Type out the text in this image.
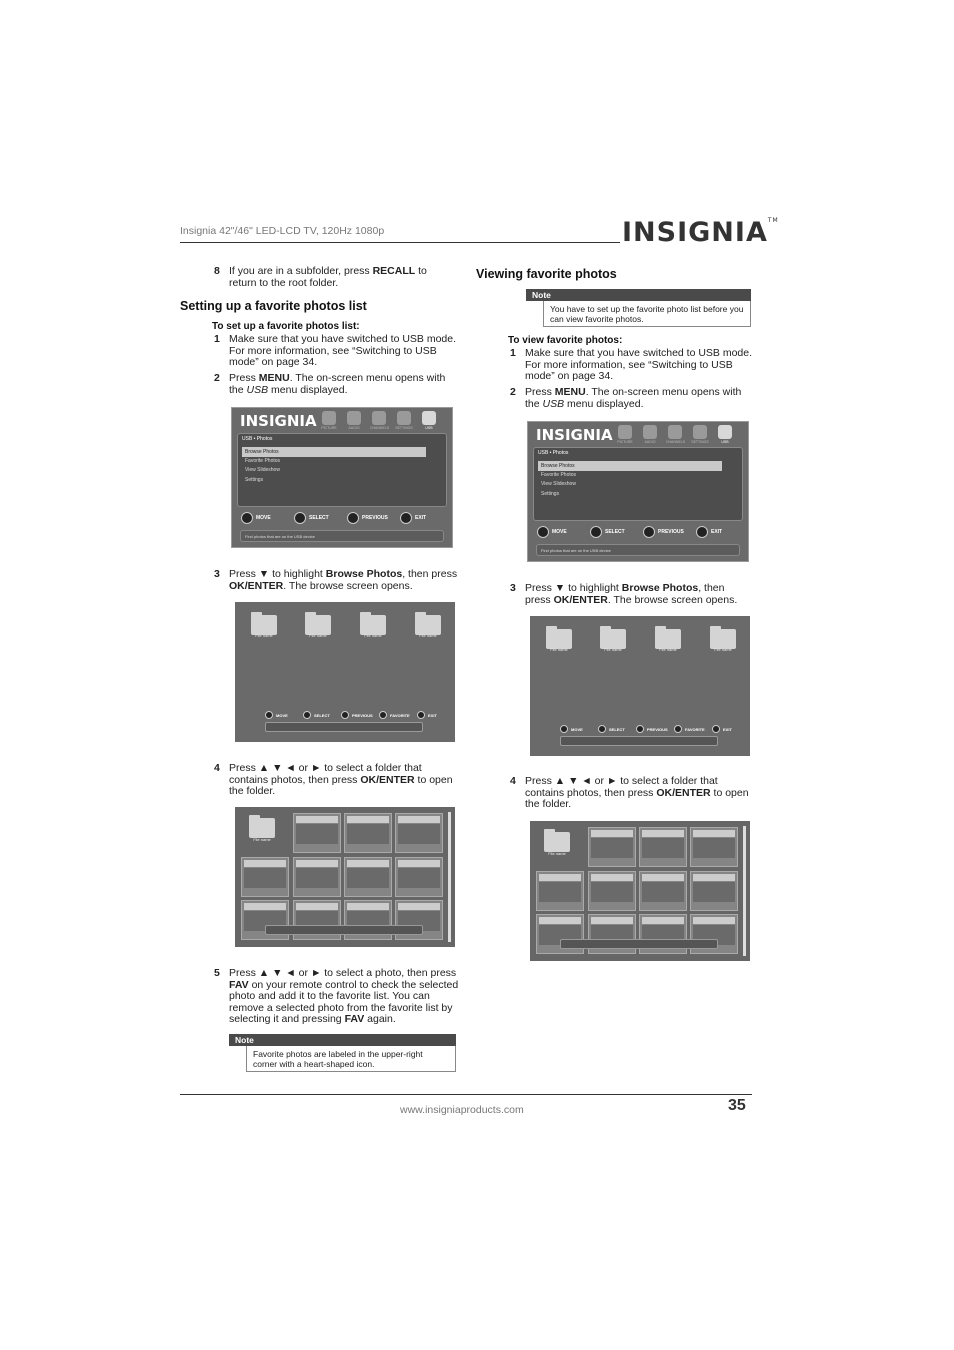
Insignia 42"/46" LED-LCD TV, 120Hz 1080p	INSIGNIA™
8 If you are in a subfolder, press RECALL to return to the root folder.
Setting up a favorite photos list
To set up a favorite photos list:
1 Make sure that you have switched to USB mode. For more information, see “Switching to USB mode” on page 34.
2 Press MENU. The on-screen menu opens with the USB menu displayed.
INSIGNIA	PICTURE	AUDIO	CHANNELS SETTINGS	USB
USB • Photos
Browse Photos
Favorite Photos
View Slideshow
Settings
MOVE	SELECT	PREVIOUS	EXIT
Find photos that are on the USB device
3 Press ▼ to highlight Browse Photos, then press OK/ENTER. The browse screen opens.
File name	File name	File name	File name
MOVE	SELECT	PREVIOUS	FAVORITE	EXIT
4 Press ▲ ▼ ◄ or ► to select a folder that contains photos, then press OK/ENTER to open the folder.
File name
5 Press ▲ ▼ ◄ or ► to select a photo, then press FAV on your remote control to check the selected photo and add it to the favorite list. You can remove a selected photo from the favorite list by selecting it and pressing FAV again.
Note
Favorite photos are labeled in the upper-right corner with a heart-shaped icon.
Viewing favorite photos
Note
You have to set up the favorite photo list before you can view favorite photos.
To view favorite photos:
1 Make sure that you have switched to USB mode. For more information, see “Switching to USB mode” on page 34.
2 Press MENU. The on-screen menu opens with the USB menu displayed.
INSIGNIA	PICTURE	AUDIO	CHANNELS SETTINGS	USB
USB • Photos
Browse Photos
Favorite Photos
View Slideshow
Settings
MOVE	SELECT	PREVIOUS	EXIT
Find photos that are on the USB device
3 Press ▼ to highlight Browse Photos, then press OK/ENTER. The browse screen opens.
File name	File name	File name	File name
MOVE	SELECT	PREVIOUS	FAVORITE	EXIT
4 Press ▲ ▼ ◄ or ► to select a folder that contains photos, then press OK/ENTER to open the folder.
File name
www.insigniaproducts.com	35
